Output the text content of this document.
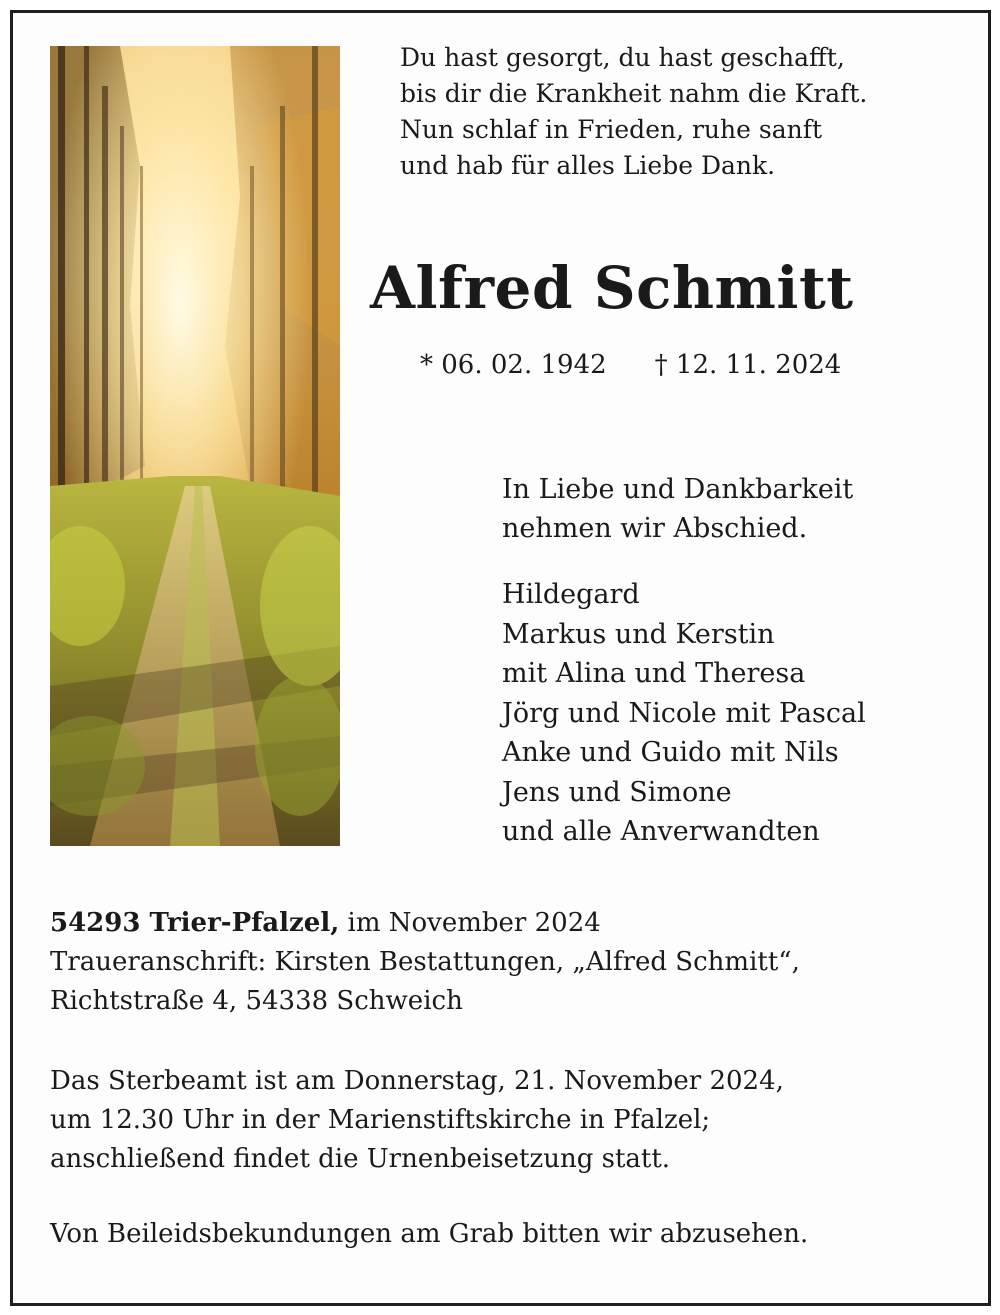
Du hast gesorgt, du hast geschafft,

bis dir die Krankheit nahm die Kraft.

Nun schlaf in Frieden, ruhe sanft

und hab für alles Liebe Dank.

Alfred Schmitt
* 06. 02. 1942 † 12. 11. 2024

In Liebe und Dankbarkeit

nehmen wir Abschied.

Hildegard

Markus und Kerstin

mit Alina und Theresa

Jörg und Nicole mit Pascal

Anke und Guido mit Nils

Jens und Simone

und alle Anverwandten

54293 Trier-Pfalzel, im November 2024

Traueranschrift: Kirsten Bestattungen, „Alfred Schmitt“,

Richtstraße 4, 54338 Schweich

Das Sterbeamt ist am Donnerstag, 21. November 2024,

um 12.30 Uhr in der Marienstiftskirche in Pfalzel;

anschließend findet die Urnenbeisetzung statt.

Von Beileidsbekundungen am Grab bitten wir abzusehen.
